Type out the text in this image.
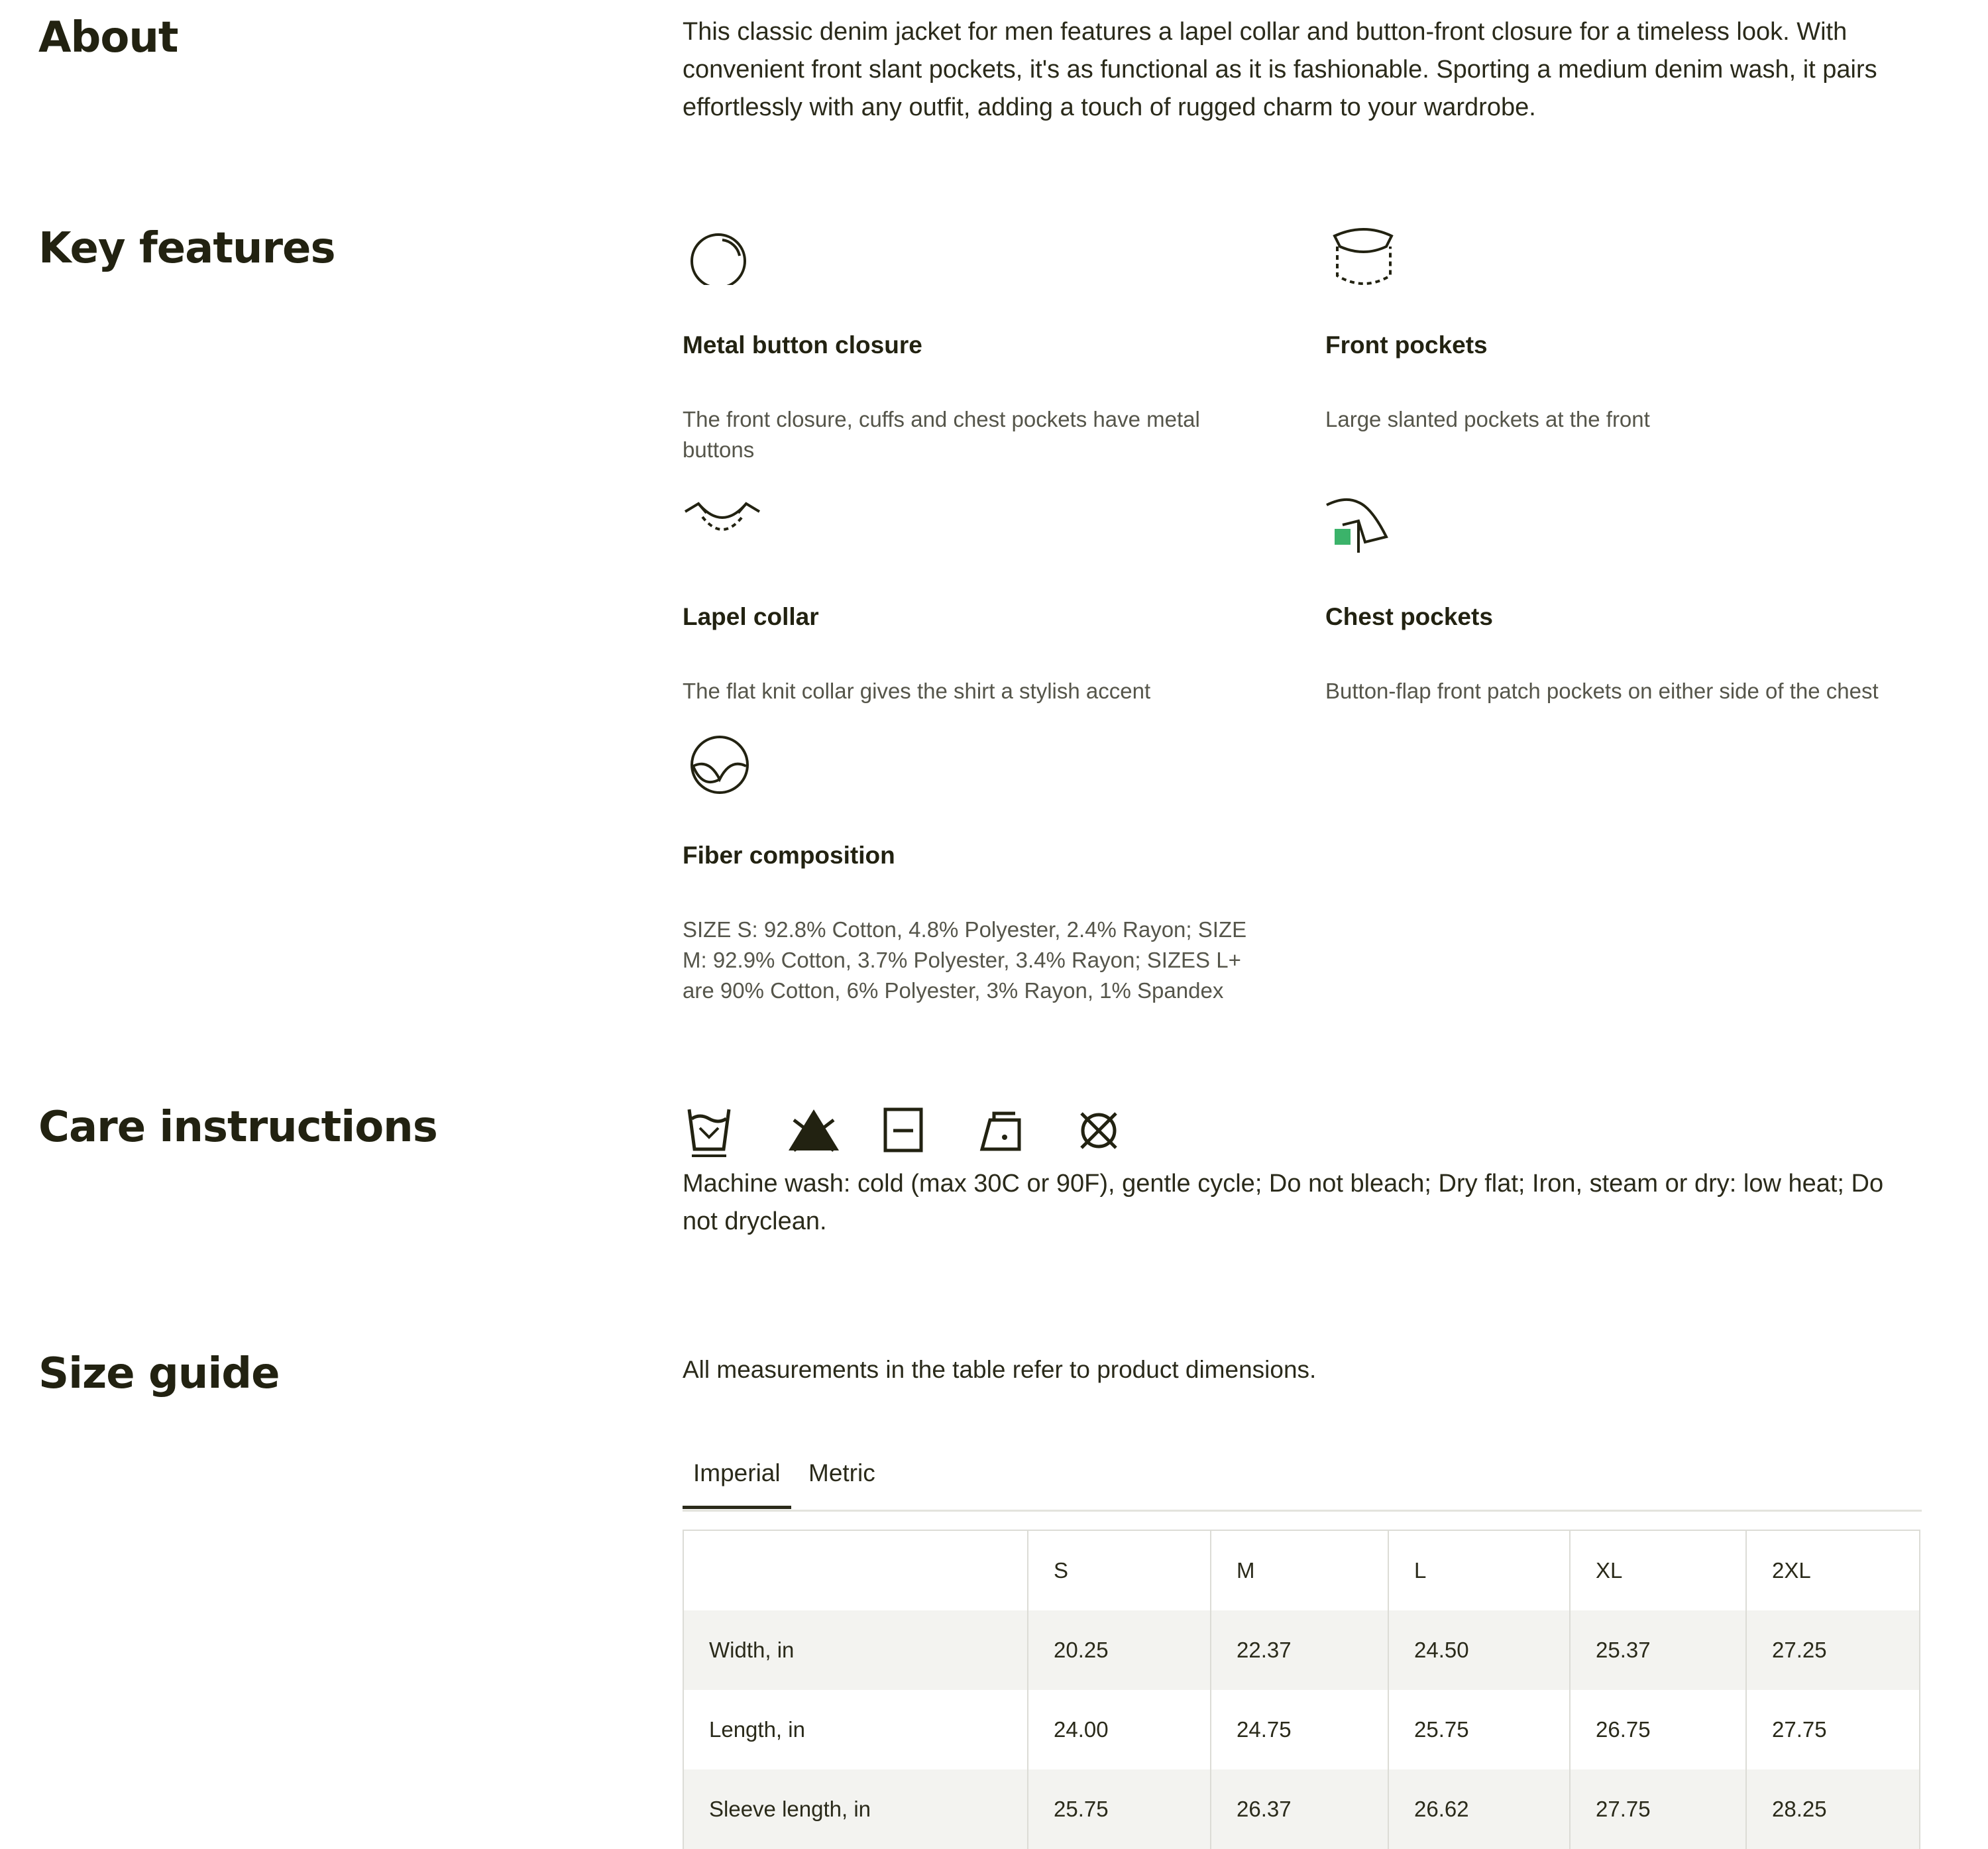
About	This classic denim jacket for men features a lapel collar and button-front closure for a timeless look. With convenient front slant pockets, it's as functional as it is fashionable. Sporting a medium denim wash, it pairs effortlessly with any outfit, adding a touch of rugged charm to your wardrobe.

Key features

Metal button closure

The front closure, cuffs and chest pockets have metal buttons

Front pockets

Large slanted pockets at the front

Lapel collar

The flat knit collar gives the shirt a stylish accent

Chest pockets

Button-flap front patch pockets on either side of the chest

Fiber composition

SIZE S: 92.8% Cotton, 4.8% Polyester, 2.4% Rayon; SIZE M: 92.9% Cotton, 3.7% Polyester, 3.4% Rayon; SIZES L+ are 90% Cotton, 6% Polyester, 3% Rayon, 1% Spandex

Care instructions

Machine wash: cold (max 30C or 90F), gentle cycle; Do not bleach; Dry flat; Iron, steam or dry: low heat; Do not dryclean.

Size guide	All measurements in the table refer to product dimensions.

Imperial	Metric
	S	M	L	XL	2XL
Width, in	20.25	22.37	24.50	25.37	27.25
Length, in	24.00	24.75	25.75	26.75	27.75
Sleeve length, in	25.75	26.37	26.62	27.75	28.25
